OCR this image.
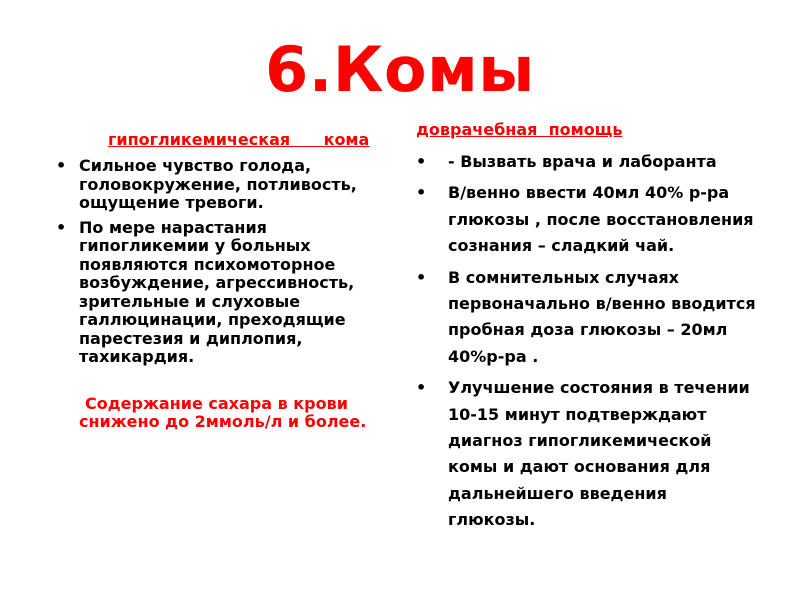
6.Комы
гипогликемическая      кома
• Сильное чувство голода, головокружение, потливость, ощущение тревоги.
• По мере нарастания гипогликемии у больных появляются психомоторное возбуждение, агрессивность, зрительные и слуховые галлюцинации, преходящие парестезия и диплопия, тахикардия.
Содержание сахара в крови
снижено до 2ммоль/л и более.
доврачебная  помощь
• - Вызвать врача и лаборанта
• В/венно ввести 40мл 40% р-ра глюкозы , после восстановления сознания – сладкий чай.
• В сомнительных случаях первоначально в/венно вводится пробная доза глюкозы – 20мл 40%р-ра .
• Улучшение состояния в течении 10-15 минут подтверждают диагноз гипогликемической комы и дают основания для дальнейшего введения глюкозы.
